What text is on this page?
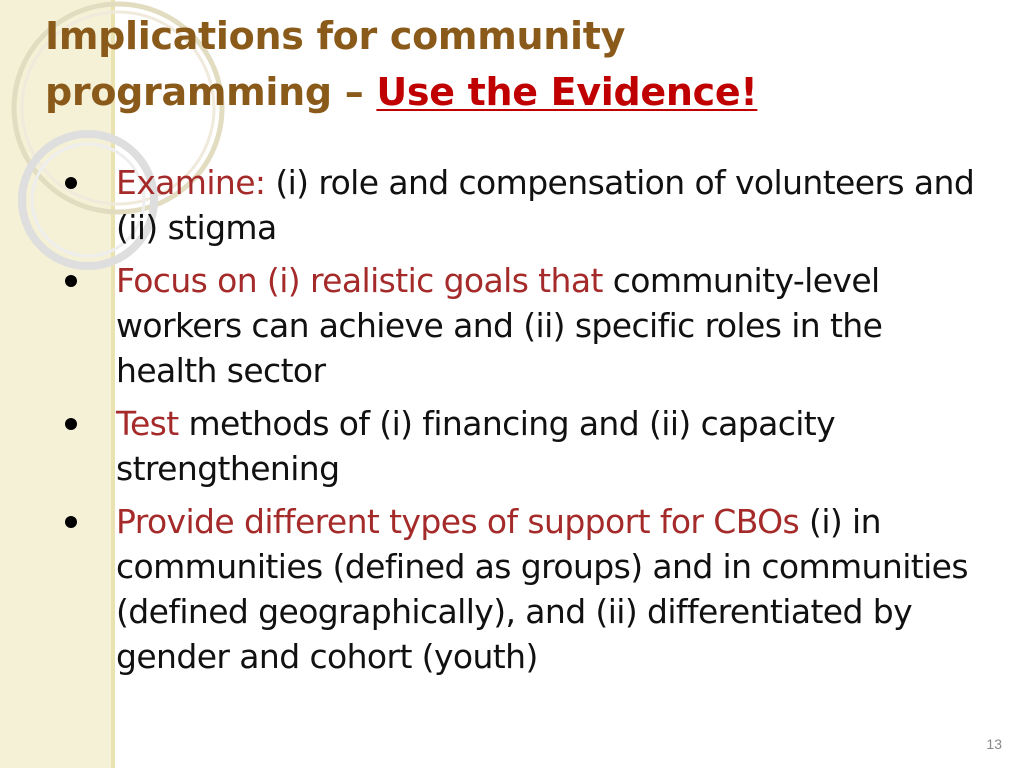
Implications for community
programming – Use the Evidence!
Examine: (i) role and compensation of volunteers and (ii) stigma
Focus on (i) realistic goals that community-level workers can achieve and (ii) specific roles in the health sector
Test methods of (i) financing and (ii) capacity strengthening
Provide different types of support for CBOs (i) in communities (defined as groups) and in communities (defined geographically), and (ii) differentiated by gender and cohort (youth)
13
